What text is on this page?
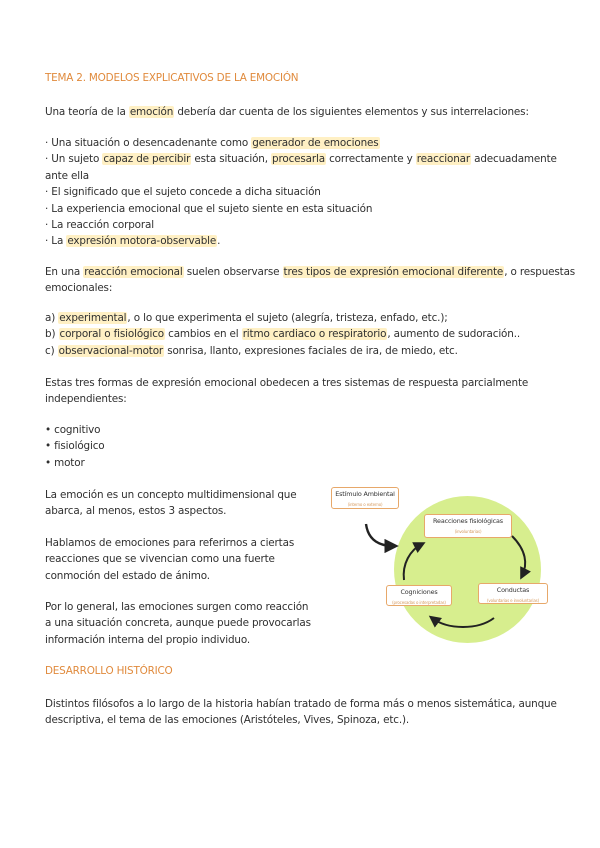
TEMA 2. MODELOS EXPLICATIVOS DE LA EMOCIÓN

Una teoría de la emoción debería dar cuenta de los siguientes elementos y sus interrelaciones:

· Una situación o desencadenante como generador de emociones
· Un sujeto capaz de percibir esta situación, procesarla correctamente y reaccionar adecuadamente
ante ella
· El significado que el sujeto concede a dicha situación
· La experiencia emocional que el sujeto siente en esta situación
· La reacción corporal
· La expresión motora-observable.

En una reacción emocional suelen observarse tres tipos de expresión emocional diferente, o respuestas
emocionales:

a) experimental, o lo que experimenta el sujeto (alegría, tristeza, enfado, etc.);
b) corporal o fisiológico cambios en el ritmo cardiaco o respiratorio, aumento de sudoración..
c) observacional-motor sonrisa, llanto, expresiones faciales de ira, de miedo, etc.

Estas tres formas de expresión emocional obedecen a tres sistemas de respuesta parcialmente
independientes:

• cognitivo
• fisiológico
• motor

La emoción es un concepto multidimensional que
abarca, al menos, estos 3 aspectos.

Hablamos de emociones para referirnos a ciertas
reacciones que se vivencian como una fuerte
conmoción del estado de ánimo.

Por lo general, las emociones surgen como reacción
a una situación concreta, aunque puede provocarlas
información interna del propio individuo.

Estímulo Ambiental
(interno o externo)
Reacciones fisiológicas
(involuntarias)
Cogniciones
(procesadas o interpretadas)
Conductas
(voluntarias e involuntarias)
DESARROLLO HISTÓRICO

Distintos filósofos a lo largo de la historia habían tratado de forma más o menos sistemática, aunque
descriptiva, el tema de las emociones (Aristóteles, Vives, Spinoza, etc.).
